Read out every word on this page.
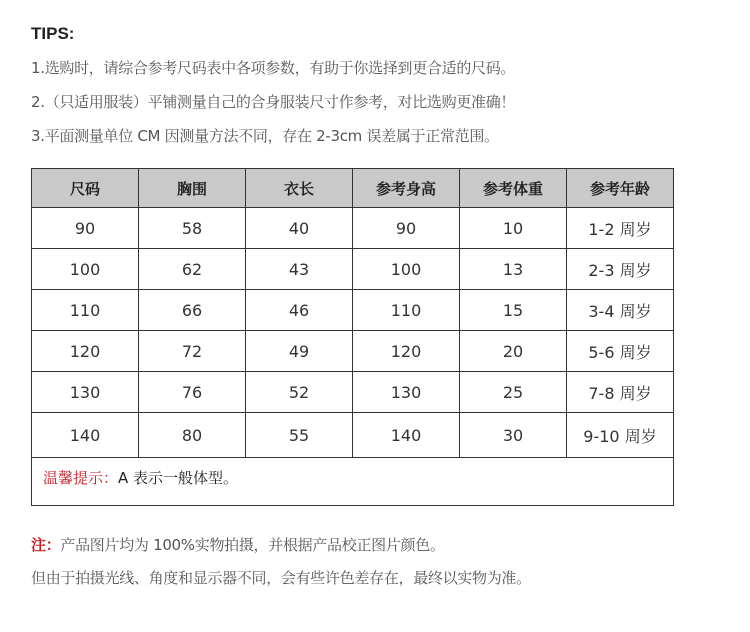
TIPS:
1.选购时，请综合参考尺码表中各项参数，有助于你选择到更合适的尺码。
2.（只适用服装）平铺测量自己的合身服装尺寸作参考，对比选购更准确！
3.平面测量单位 CM 因测量方法不同，存在 2-3cm 误差属于正常范围。
尺码	胸围	衣长	参考身高	参考体重	参考年龄
90	58	40	90	10	1-2 周岁
100	62	43	100	13	2-3 周岁
110	66	46	110	15	3-4 周岁
120	72	49	120	20	5-6 周岁
130	76	52	130	25	7-8 周岁
140	80	55	140	30	9-10 周岁
温馨提示：A 表示一般体型。					
注：产品图片均为 100%实物拍摄，并根据产品校正图片颜色。
但由于拍摄光线、角度和显示器不同，会有些许色差存在，最终以实物为准。
